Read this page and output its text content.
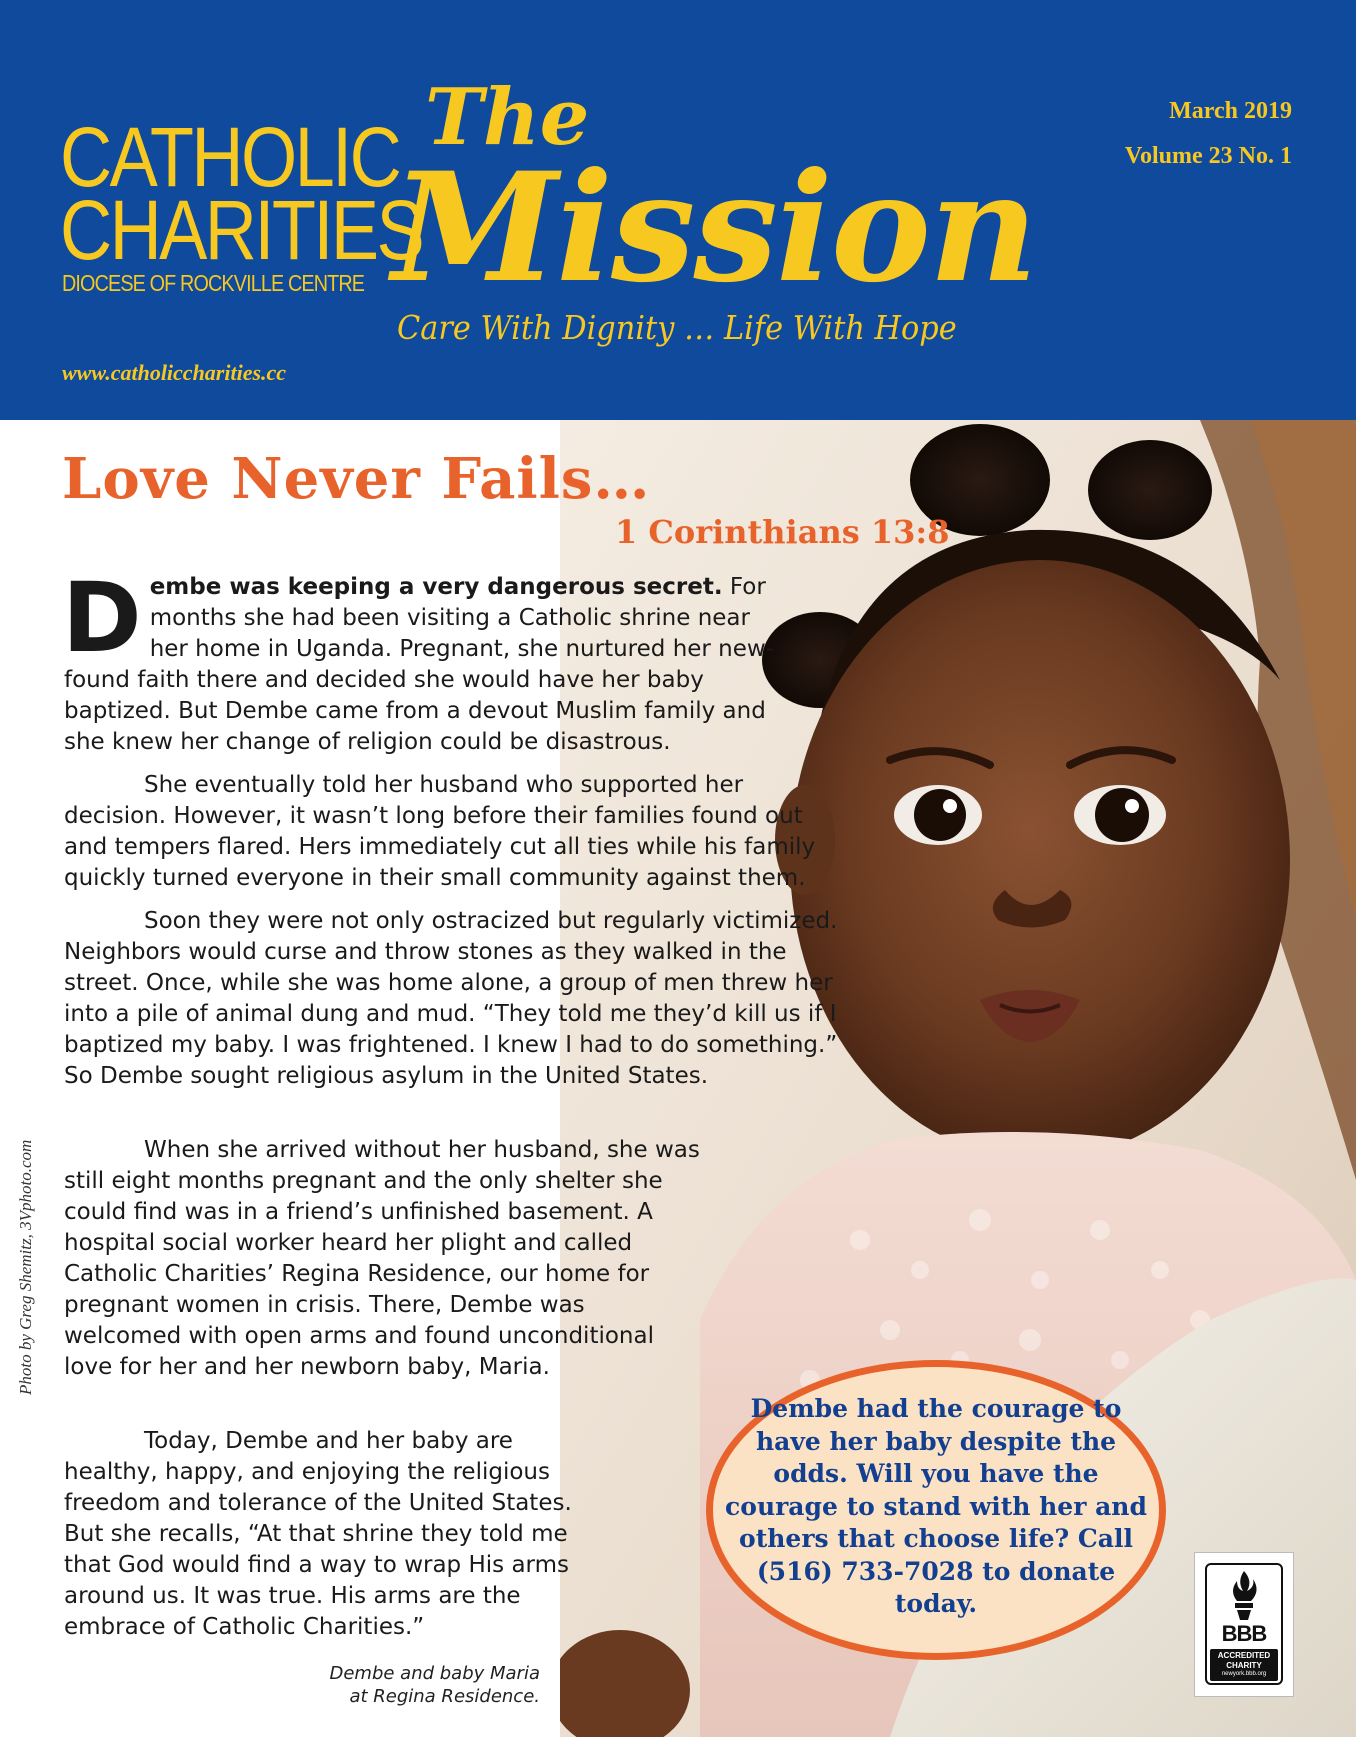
CATHOLIC
CHARITIES
DIOCESE OF ROCKVILLE CENTRE
www.catholiccharities.cc
The
Mission
Care With Dignity … Life With Hope
March 2019
Volume 23 No. 1
Photo by Greg Shemitz, 3Vphoto.com
Love Never Fails…
1 Corinthians 13:8

Dembe was keeping a very dangerous secret. For months she had been visiting a Catholic shrine near her home in Uganda. Pregnant, she nurtured her new-found faith there and decided she would have her baby baptized. But Dembe came from a devout Muslim family and she knew her change of religion could be disastrous.

She eventually told her husband who supported her decision. However, it wasn’t long before their families found out and tempers flared. Hers immediately cut all ties while his family quickly turned everyone in their small community against them.

Soon they were not only ostracized but regularly victimized. Neighbors would curse and throw stones as they walked in the street. Once, while she was home alone, a group of men threw her into a pile of animal dung and mud. “They told me they’d kill us if I baptized my baby. I was frightened. I knew I had to do something.” So Dembe sought religious asylum in the United States.

When she arrived without her husband, she was still eight months pregnant and the only shelter she could find was in a friend’s unfinished basement. A hospital social worker heard her plight and called Catholic Charities’ Regina Residence, our home for pregnant women in crisis. There, Dembe was welcomed with open arms and found unconditional love for her and her newborn baby, Maria.

Today, Dembe and her baby are healthy, happy, and enjoying the religious freedom and tolerance of the United States. But she recalls, “At that shrine they told me that God would find a way to wrap His arms around us. It was true. His arms are the embrace of Catholic Charities.”

Dembe and baby Maria
at Regina Residence.
Dembe had the courage to have her baby despite the odds. Will you have the courage to stand with her and others that choose life? Call (516) 733-7028 to donate today.
BBB
ACCREDITED
CHARITY
newyork.bbb.org
